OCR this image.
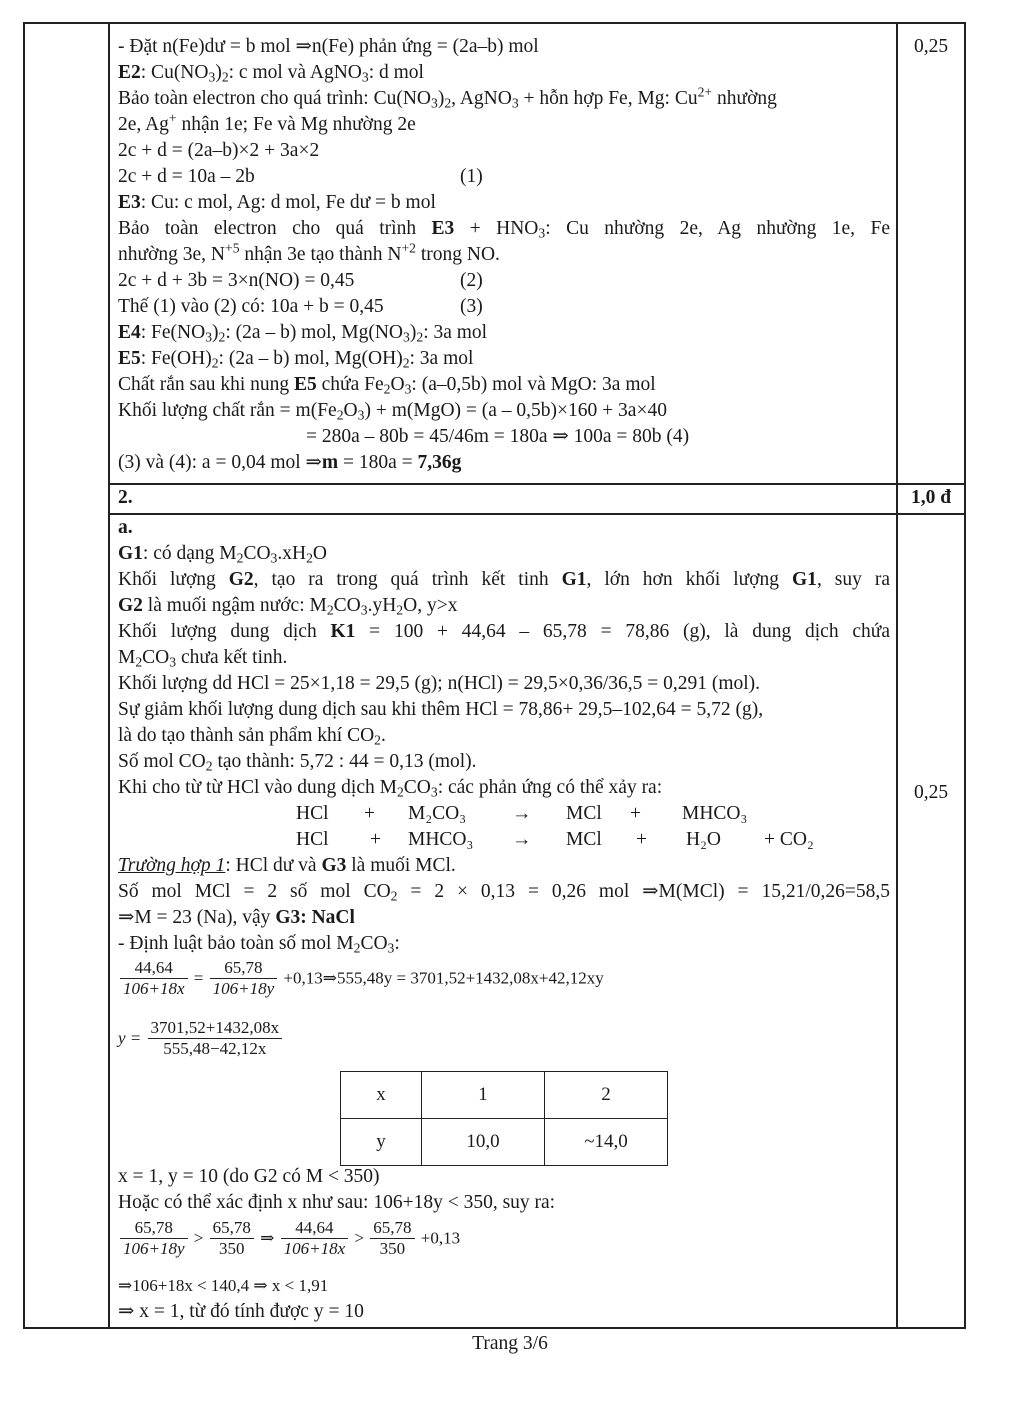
0,25
- Đặt n(Fe)dư = b mol ⇒n(Fe) phản ứng = (2a–b) mol
E2: $Cu(NO_3)_2$: c mol và AgNO$_3$: d mol
Bảo toàn electron cho quá trình: $Cu(NO_3)_2$, AgNO$_3$ + hỗn hợp Fe, Mg: $Cu^{2+}$ nhường
2e, Ag+ nhận 1e; Fe và Mg nhường 2e
2c + d = (2a–b)×2 + 3a×2
2c + d = 10a – 2b	(1)
E3: Cu: c mol, Ag: d mol, Fe dư = b mol
Bảo toàn electron cho quá trình $E3 + HNO_3$: Cu nhường 2e, Ag nhường 1e, Fe
nhường 3e, $N^{+5}$ nhận 3e tạo thành $N^{+2}$ trong NO.
2c + d + 3b = 3×n(NO) = 0,45	(2)
Thế (1) vào (2) có: 10a + b = 0,45	(3)
E4: $Fe(NO_3)_2$: (2a – b) mol, $Mg(NO_3)_2$: 3a mol
E5: $Fe(OH)_2$: (2a – b) mol, $Mg(OH)_2$: 3a mol
Chất rắn sau khi nung E5 chứa $Fe_2O_3$: (a–0,5b) mol và MgO: 3a mol
Khối lượng chất rắn = $m(Fe_2O_3) + m(MgO) = (a - 0,5b)\times 160 + 3a\times 40$
= 280a – 80b = 45/46m = 180a ⇒ 100a = 80b (4)
(3) và (4): a = 0,04 mol ⇒m = 180a = 7,36g
2.	1,0 đ
0,25
a.
G1: có dạng $M_2CO_3.xH_2O$
Khối lượng G2, tạo ra trong quá trình kết tinh G1, lớn hơn khối lượng G1, suy ra
G2 là muối ngậm nước: $M_2CO_3.yH_2O$, y>x
Khối lượng dung dịch K1 = 100 + 44,64 – 65,78 = 78,86 (g), là dung dịch chứa
$M_2CO_3$ chưa kết tinh.
Khối lượng dd HCl = 25×1,18 = 29,5 (g); n(HCl) = 29,5×0,36/36,5 = 0,291 (mol).
Sự giảm khối lượng dung dịch sau khi thêm HCl = 78,86+ 29,5–102,64 = 5,72 (g),
là do tạo thành sản phẩm khí $CO_2$.
Số mol $CO_2$ tạo thành: 5,72 : 44 = 0,13 (mol).
Khi cho từ từ HCl vào dung dịch $M_2CO_3$: các phản ứng có thể xảy ra:
HCl + M₂CO₃ → MCl + MHCO₃
HCl + MHCO₃ → MCl + H₂O + CO₂
Trường hợp 1: HCl dư và G3 là muối MCl.
Số mol MCl = 2 số mol $CO_2 = 2 \times 0,13 = 0,26$ mol ⇒M(MCl) = 15,21/0,26=58,5
⇒M = 23 (Na), vậy G3: NaCl
- Định luật bảo toàn số mol $M_2CO_3$:
$\frac{44,64}{106+18x} = \frac{65,78}{106+18y}$ +0,13⇒555,48y = 3701,52+1432,08x+42,12xy
$y = \frac{3701,52+1432,08x}{555,48-42,12x}$
x	1	2
y	10,0	~14,0
x = 1, y = 10 (do G2 có M < 350)
Hoặc có thể xác định x như sau: 106+18y < 350, suy ra:
$\frac{65,78}{106+18y} > \frac{65,78}{350}$ ⇒ $\frac{44,64}{106+18x} > \frac{65,78}{350} +0,13$
⇒106+18x < 140,4 ⇒ x < 1,91
⇒ x = 1, từ đó tính được y = 10
Trang 3/6
